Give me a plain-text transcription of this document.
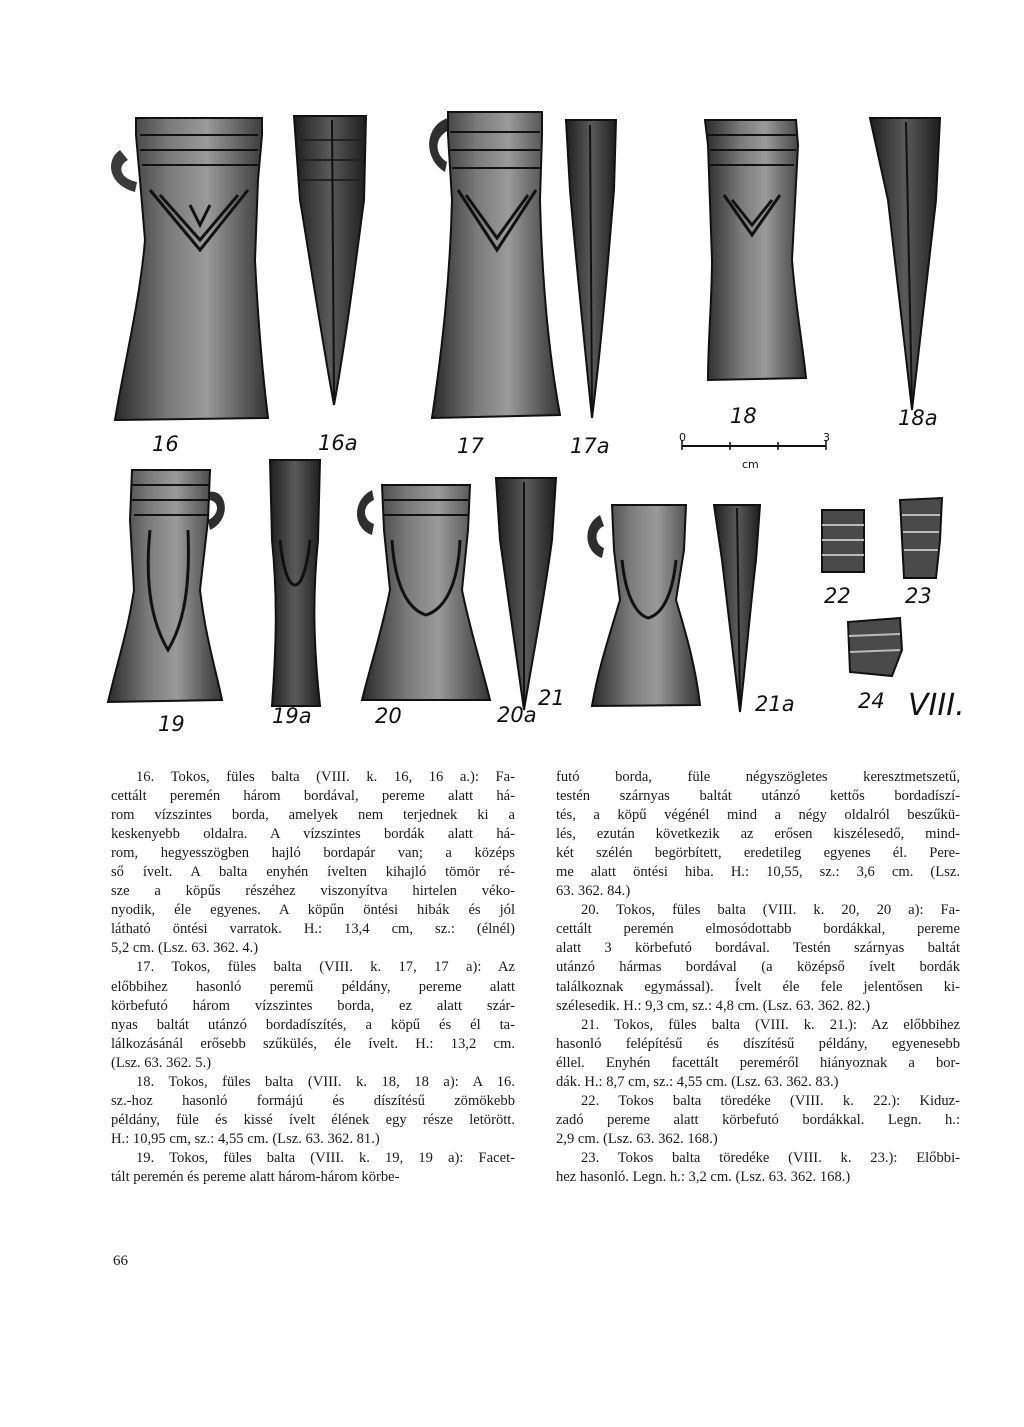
16	16a	17	17a
18	18a
0	3
cm
19	19a	20	20a
21	21a
22	23
24 VIII.

16. Tokos, füles balta (VIII. k. 16, 16 a.): Fa-

cettált peremén három bordával, pereme alatt há-

rom vízszintes borda, amelyek nem terjednek ki a

keskenyebb oldalra. A vízszintes bordák alatt há-

rom, hegyesszögben hajló bordapár van; a középs

ső ívelt. A balta enyhén ívelten kihajló tömör ré-

sze a köpűs részéhez viszonyítva hirtelen véko-

nyodik, éle egyenes. A köpűn öntési hibák és jól

látható öntési varratok. H.: 13,4 cm, sz.: (élnél)

5,2 cm. (Lsz. 63. 362. 4.)

17. Tokos, füles balta (VIII. k. 17, 17 a): Az

előbbihez hasonló peremű példány, pereme alatt

körbefutó három vízszintes borda, ez alatt szár-

nyas baltát utánzó bordadíszítés, a köpű és él ta-

lálkozásánál erősebb szűkülés, éle ívelt. H.: 13,2 cm.

(Lsz. 63. 362. 5.)

18. Tokos, füles balta (VIII. k. 18, 18 a): A 16.

sz.-hoz hasonló formájú és díszítésű zömökebb

példány, füle és kissé ívelt élének egy része letörött.

H.: 10,95 cm, sz.: 4,55 cm. (Lsz. 63. 362. 81.)

19. Tokos, füles balta (VIII. k. 19, 19 a): Facet-

tált peremén és pereme alatt három-három körbe-

futó borda, füle négyszögletes keresztmetszetű,

testén szárnyas baltát utánzó kettős bordadíszí-

tés, a köpű végénél mind a négy oldalról beszűkü-

lés, ezután következik az erősen kiszélesedő, mind-

két szélén begörbített, eredetileg egyenes él. Pere-

me alatt öntési hiba. H.: 10,55, sz.: 3,6 cm. (Lsz.

63. 362. 84.)

20. Tokos, füles balta (VIII. k. 20, 20 a): Fa-

cettált peremén elmosódottabb bordákkal, pereme

alatt 3 körbefutó bordával. Testén szárnyas baltát

utánzó hármas bordával (a középső ívelt bordák

találkoznak egymással). Ívelt éle fele jelentősen ki-

szélesedik. H.: 9,3 cm, sz.: 4,8 cm. (Lsz. 63. 362. 82.)

21. Tokos, füles balta (VIII. k. 21.): Az előbbihez

hasonló felépítésű és díszítésű példány, egyenesebb

éllel. Enyhén facettált pereméről hiányoznak a bor-

dák. H.: 8,7 cm, sz.: 4,55 cm. (Lsz. 63. 362. 83.)

22. Tokos balta töredéke (VIII. k. 22.): Kiduz-

zadó pereme alatt körbefutó bordákkal. Legn. h.:

2,9 cm. (Lsz. 63. 362. 168.)

23. Tokos balta töredéke (VIII. k. 23.): Előbbi-

hez hasonló. Legn. h.: 3,2 cm. (Lsz. 63. 362. 168.)

66
